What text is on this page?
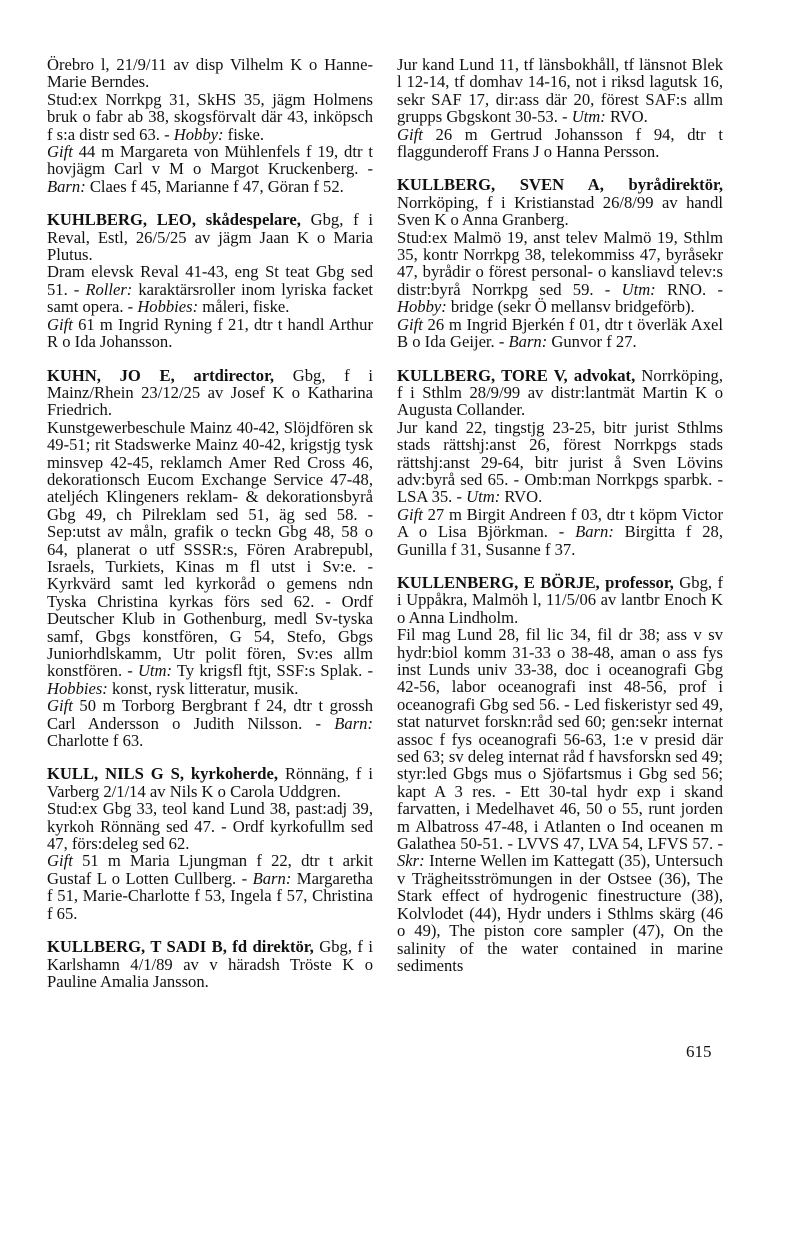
Örebro l, 21/9/11 av disp Vilhelm K o Hanne-Marie Berndes.

Stud:ex Norrkpg 31, SkHS 35, jägm Holmens bruk o fabr ab 38, skogsförvalt där 43, inköpsch f s:a distr sed 63. - Hobby: fiske.

Gift 44 m Margareta von Mühlenfels f 19, dtr t hovjägm Carl v M o Margot Kruckenberg. - Barn: Claes f 45, Marianne f 47, Göran f 52.

KUHLBERG, LEO, skådespelare, Gbg, f i Reval, Estl, 26/5/25 av jägm Jaan K o Maria Plutus.

Dram elevsk Reval 41-43, eng St teat Gbg sed 51. - Roller: karaktärsroller inom lyriska facket samt opera. - Hobbies: måleri, fiske.

Gift 61 m Ingrid Ryning f 21, dtr t handl Arthur R o Ida Johansson.

KUHN, JO E, artdirector, Gbg, f i Mainz/Rhein 23/12/25 av Josef K o Katharina Friedrich.

Kunstgewerbeschule Mainz 40-42, Slöjdfören sk 49-51; rit Stadswerke Mainz 40-42, krigstjg tysk minsvep 42-45, reklamch Amer Red Cross 46, dekorationsch Eucom Exchange Service 47-48, ateljéch Klingeners reklam- & dekorationsbyrå Gbg 49, ch Pilreklam sed 51, äg sed 58. - Sep:utst av måln, grafik o teckn Gbg 48, 58 o 64, planerat o utf SSSR:s, Fören Arabrepubl, Israels, Turkiets, Kinas m fl utst i Sv:e. - Kyrkvärd samt led kyrkoråd o gemens ndn Tyska Christina kyrkas förs sed 62. - Ordf Deutscher Klub in Gothenburg, medl Sv-tyska samf, Gbgs konstfören, G 54, Stefo, Gbgs Juniorhdlskamm, Utr polit fören, Sv:es allm konstfören. - Utm: Ty krigsfl ftjt, SSF:s Splak. - Hobbies: konst, rysk litteratur, musik.

Gift 50 m Torborg Bergbrant f 24, dtr t grossh Carl Andersson o Judith Nilsson. - Barn: Charlotte f 63.

KULL, NILS G S, kyrkoherde, Rönnäng, f i Varberg 2/1/14 av Nils K o Carola Uddgren.

Stud:ex Gbg 33, teol kand Lund 38, past:adj 39, kyrkoh Rönnäng sed 47. - Ordf kyrkofullm sed 47, förs:deleg sed 62.

Gift 51 m Maria Ljungman f 22, dtr t arkit Gustaf L o Lotten Cullberg. - Barn: Margaretha f 51, Marie-Charlotte f 53, Ingela f 57, Christina f 65.

KULLBERG, T SADI B, fd direktör, Gbg, f i Karlshamn 4/1/89 av v häradsh Tröste K o Pauline Amalia Jansson.

Jur kand Lund 11, tf länsbokhåll, tf länsnot Blek l 12-14, tf domhav 14-16, not i riksd lagutsk 16, sekr SAF 17, dir:ass där 20, förest SAF:s allm grupps Gbgskont 30-53. - Utm: RVO.

Gift 26 m Gertrud Johansson f 94, dtr t flaggunderoff Frans J o Hanna Persson.

KULLBERG, SVEN A, byrådirektör, Norrköping, f i Kristianstad 26/8/99 av handl Sven K o Anna Granberg.

Stud:ex Malmö 19, anst telev Malmö 19, Sthlm 35, kontr Norrkpg 38, telekommiss 47, byråsekr 47, byrådir o förest personal- o kansliavd telev:s distr:byrå Norrkpg sed 59. - Utm: RNO. - Hobby: bridge (sekr Ö mellansv bridgeförb).

Gift 26 m Ingrid Bjerkén f 01, dtr t överläk Axel B o Ida Geijer. - Barn: Gunvor f 27.

KULLBERG, TORE V, advokat, Norrköping, f i Sthlm 28/9/99 av distr:lantmät Martin K o Augusta Collander.

Jur kand 22, tingstjg 23-25, bitr jurist Sthlms stads rättshj:anst 26, förest Norrkpgs stads rättshj:anst 29-64, bitr jurist å Sven Lövins adv:byrå sed 65. - Omb:man Norrkpgs sparbk. - LSA 35. - Utm: RVO.

Gift 27 m Birgit Andreen f 03, dtr t köpm Victor A o Lisa Björkman. - Barn: Birgitta f 28, Gunilla f 31, Susanne f 37.

KULLENBERG, E BÖRJE, professor, Gbg, f i Uppåkra, Malmöh l, 11/5/06 av lantbr Enoch K o Anna Lindholm.

Fil mag Lund 28, fil lic 34, fil dr 38; ass v sv hydr:biol komm 31-33 o 38-48, aman o ass fys inst Lunds univ 33-38, doc i oceanografi Gbg 42-56, labor oceanografi inst 48-56, prof i oceanografi Gbg sed 56. - Led fiskeristyr sed 49, stat naturvet forskn:råd sed 60; gen:sekr internat assoc f fys oceanografi 56-63, 1:e v presid där sed 63; sv deleg internat råd f havsforskn sed 49; styr:led Gbgs mus o Sjöfartsmus i Gbg sed 56; kapt A 3 res. - Ett 30-tal hydr exp i skand farvatten, i Medelhavet 46, 50 o 55, runt jorden m Albatross 47-48, i Atlanten o Ind oceanen m Galathea 50-51. - LVVS 47, LVA 54, LFVS 57. - Skr: Interne Wellen im Kattegatt (35), Untersuch v Trägheitsströmungen in der Ostsee (36), The Stark effect of hydrogenic finestructure (38), Kolvlodet (44), Hydr unders i Sthlms skärg (46 o 49), The piston core sampler (47), On the salinity of the water contained in marine sediments

615
